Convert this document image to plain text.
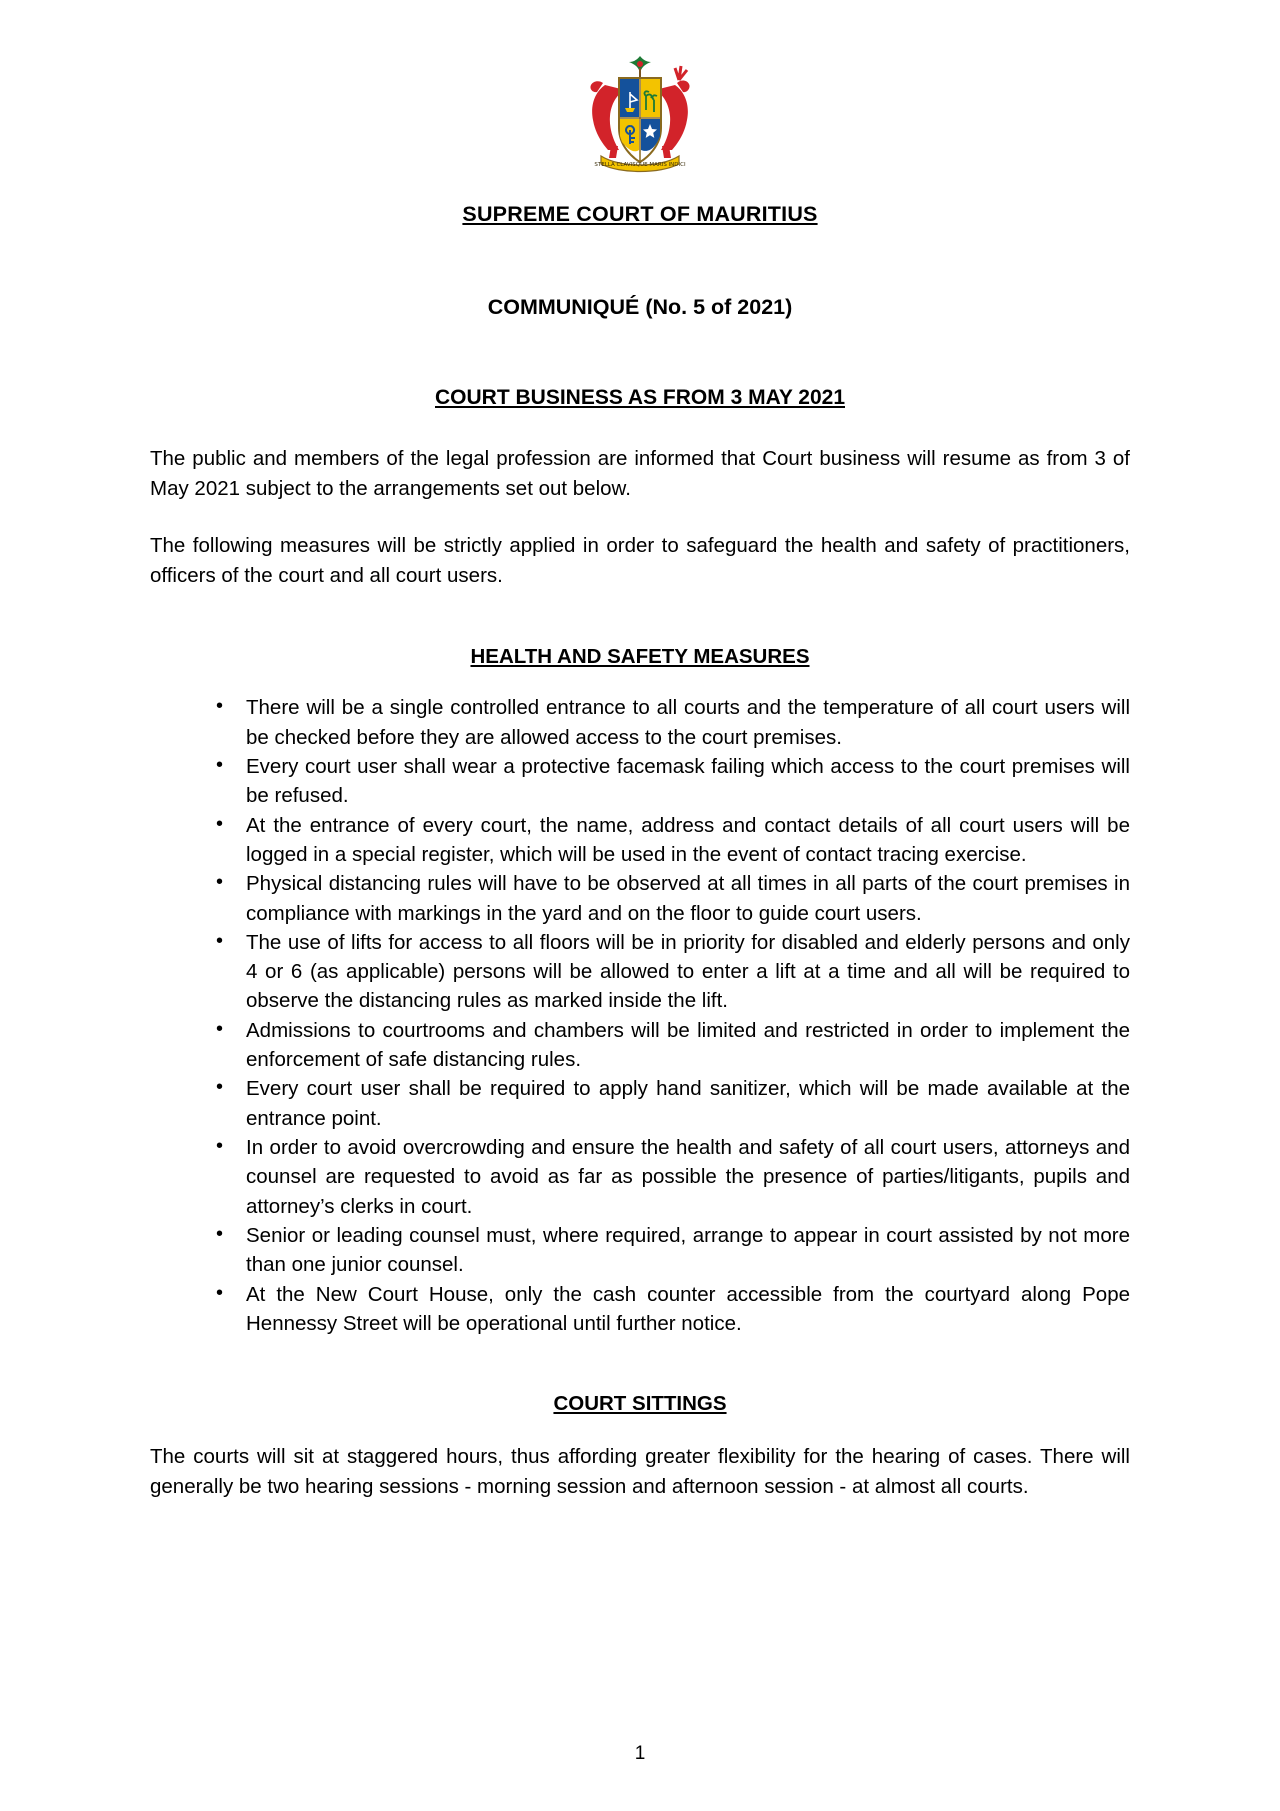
STELLA CLAVISQUE MARIS INDICI
SUPREME COURT OF MAURITIUS
COMMUNIQUÉ (No. 5 of 2021)
COURT BUSINESS AS FROM 3 MAY 2021

The public and members of the legal profession are informed that Court business will resume as from 3 of May 2021 subject to the arrangements set out below.

The following measures will be strictly applied in order to safeguard the health and safety of practitioners, officers of the court and all court users.

HEALTH AND SAFETY MEASURES
• There will be a single controlled entrance to all courts and the temperature of all court users will be checked before they are allowed access to the court premises.
• Every court user shall wear a protective facemask failing which access to the court premises will be refused.
• At the entrance of every court, the name, address and contact details of all court users will be logged in a special register, which will be used in the event of contact tracing exercise.
• Physical distancing rules will have to be observed at all times in all parts of the court premises in compliance with markings in the yard and on the floor to guide court users.
• The use of lifts for access to all floors will be in priority for disabled and elderly persons and only 4 or 6 (as applicable) persons will be allowed to enter a lift at a time and all will be required to observe the distancing rules as marked inside the lift.
• Admissions to courtrooms and chambers will be limited and restricted in order to implement the enforcement of safe distancing rules.
• Every court user shall be required to apply hand sanitizer, which will be made available at the entrance point.
• In order to avoid overcrowding and ensure the health and safety of all court users, attorneys and counsel are requested to avoid as far as possible the presence of parties/litigants, pupils and attorney’s clerks in court.
• Senior or leading counsel must, where required, arrange to appear in court assisted by not more than one junior counsel.
• At the New Court House, only the cash counter accessible from the courtyard along Pope Hennessy Street will be operational until further notice.
COURT SITTINGS

The courts will sit at staggered hours, thus affording greater flexibility for the hearing of cases. There will generally be two hearing sessions - morning session and afternoon session - at almost all courts.

1
